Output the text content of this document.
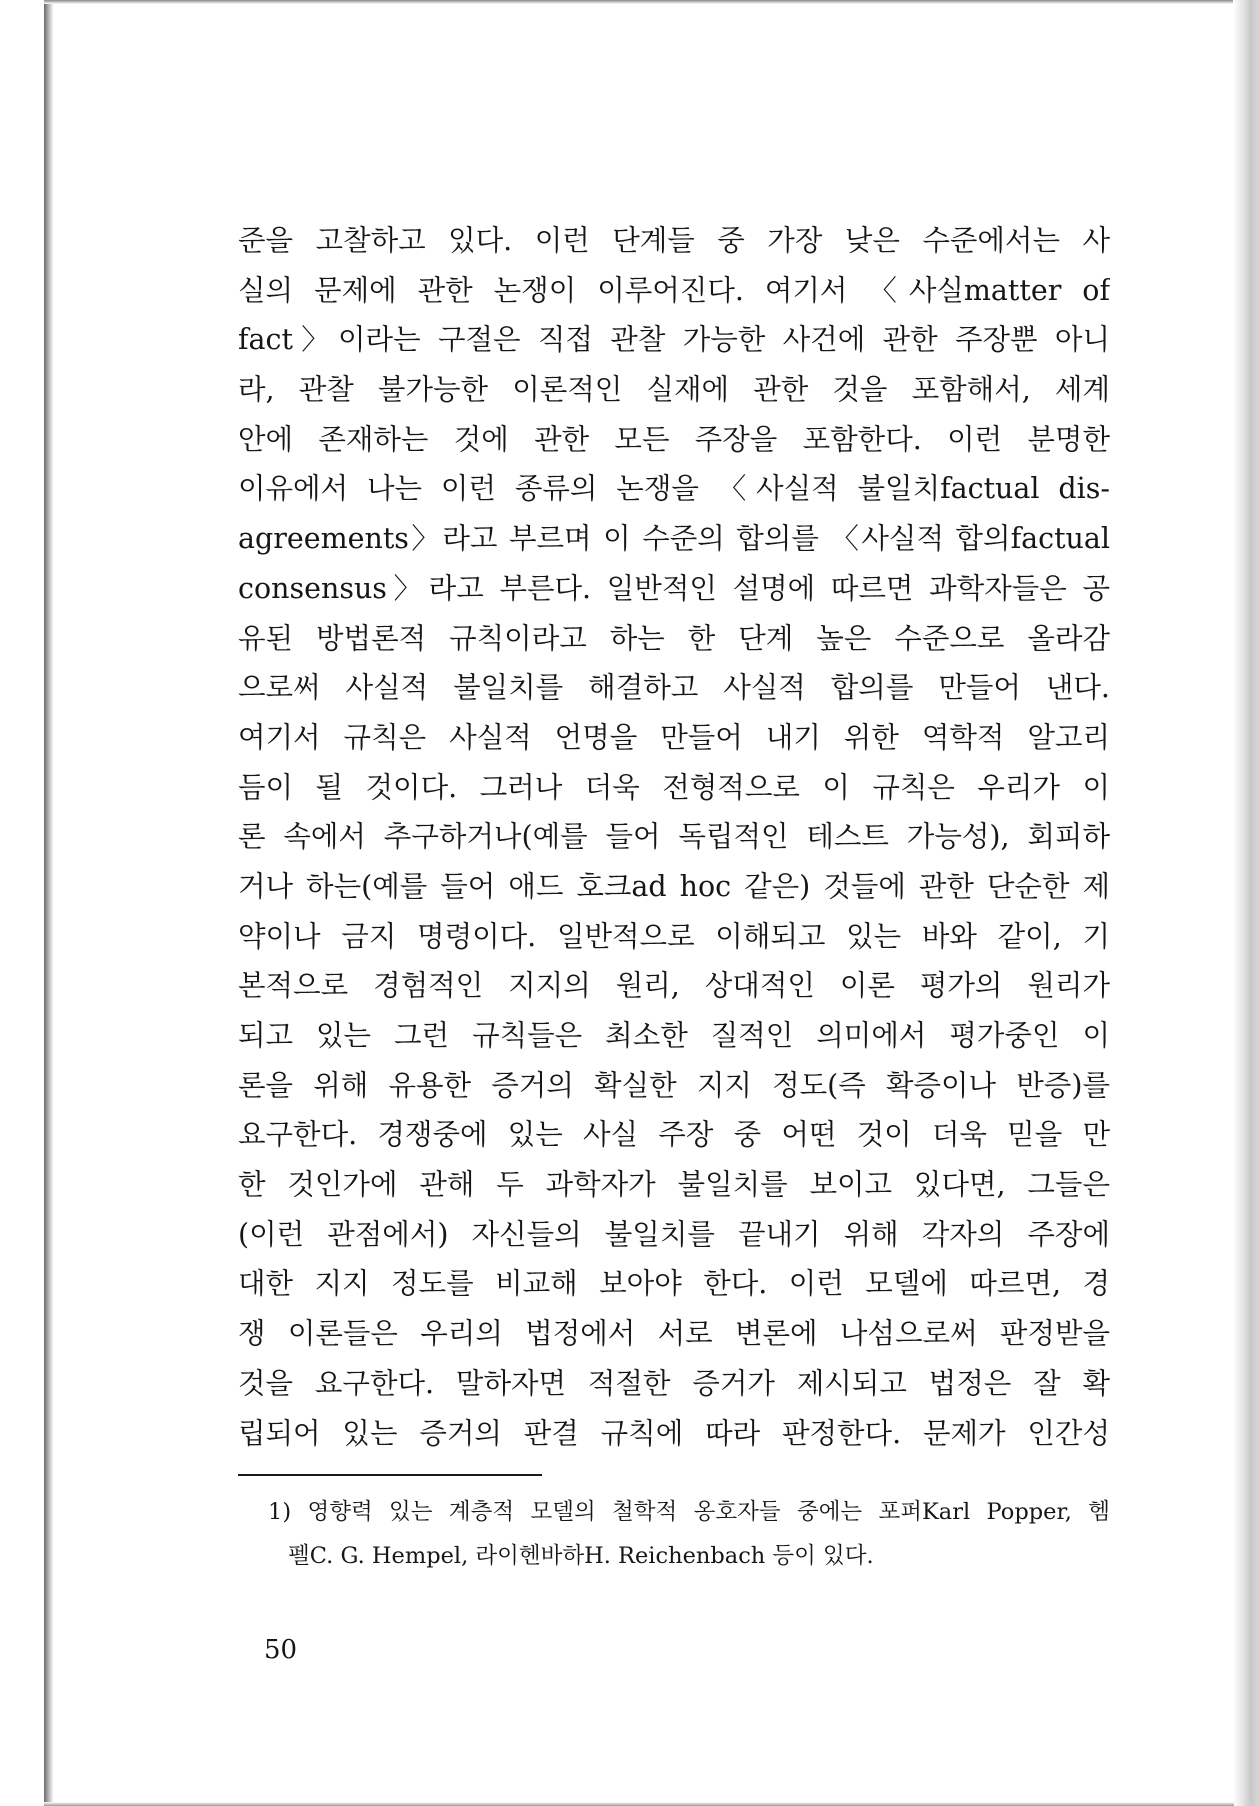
준을 고찰하고 있다. 이런 단계들 중 가장 낮은 수준에서는 사
실의 문제에 관한 논쟁이 이루어진다. 여기서 〈사실matter of
fact〉이라는 구절은 직접 관찰 가능한 사건에 관한 주장뿐 아니
라, 관찰 불가능한 이론적인 실재에 관한 것을 포함해서, 세계
안에 존재하는 것에 관한 모든 주장을 포함한다. 이런 분명한
이유에서 나는 이런 종류의 논쟁을 〈사실적 불일치factual dis-
agreements〉라고 부르며 이 수준의 합의를 〈사실적 합의factual
consensus〉라고 부른다. 일반적인 설명에 따르면 과학자들은 공
유된 방법론적 규칙이라고 하는 한 단계 높은 수준으로 올라감
으로써 사실적 불일치를 해결하고 사실적 합의를 만들어 낸다.
여기서 규칙은 사실적 언명을 만들어 내기 위한 역학적 알고리
듬이 될 것이다. 그러나 더욱 전형적으로 이 규칙은 우리가 이
론 속에서 추구하거나(예를 들어 독립적인 테스트 가능성), 회피하
거나 하는(예를 들어 애드 호크ad hoc 같은) 것들에 관한 단순한 제
약이나 금지 명령이다. 일반적으로 이해되고 있는 바와 같이, 기
본적으로 경험적인 지지의 원리, 상대적인 이론 평가의 원리가
되고 있는 그런 규칙들은 최소한 질적인 의미에서 평가중인 이
론을 위해 유용한 증거의 확실한 지지 정도(즉 확증이나 반증)를
요구한다. 경쟁중에 있는 사실 주장 중 어떤 것이 더욱 믿을 만
한 것인가에 관해 두 과학자가 불일치를 보이고 있다면, 그들은
(이런 관점에서) 자신들의 불일치를 끝내기 위해 각자의 주장에
대한 지지 정도를 비교해 보아야 한다. 이런 모델에 따르면, 경
쟁 이론들은 우리의 법정에서 서로 변론에 나섬으로써 판정받을
것을 요구한다. 말하자면 적절한 증거가 제시되고 법정은 잘 확
립되어 있는 증거의 판결 규칙에 따라 판정한다. 문제가 인간성
1) 영향력 있는 계층적 모델의 철학적 옹호자들 중에는 포퍼Karl Popper, 헴
펠C. G. Hempel, 라이헨바하H. Reichenbach 등이 있다.
50
